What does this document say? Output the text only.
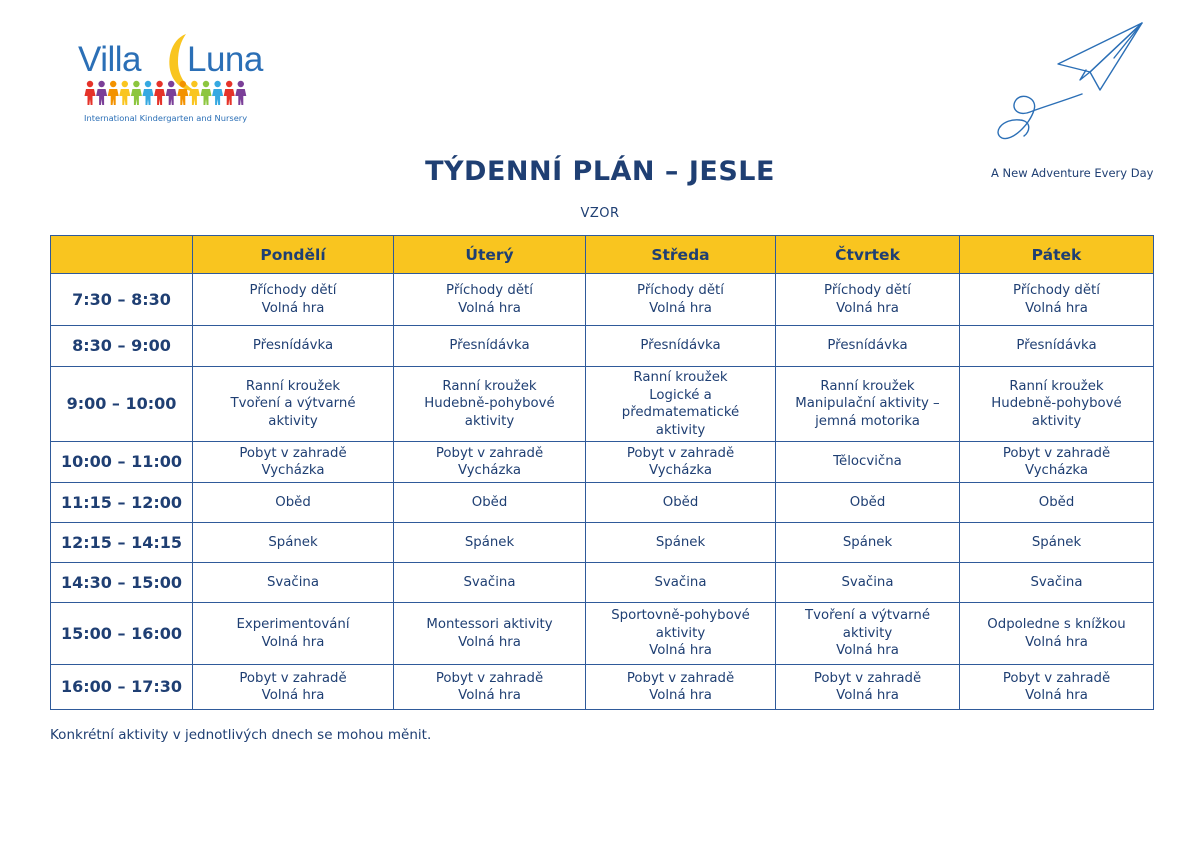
Villa Luna
International Kindergarten and Nursery
A New Adventure Every Day
TÝDENNÍ PLÁN – JESLE
VZOR
	Pondělí	Úterý	Středa	Čtvrtek	Pátek
7:30 – 8:30	Příchody dětí
Volná hra	Příchody dětí
Volná hra	Příchody dětí
Volná hra	Příchody dětí
Volná hra	Příchody dětí
Volná hra

8:30 – 9:00	Přesnídávka	Přesnídávka	Přesnídávka	Přesnídávka	Přesnídávka

9:00 – 10:00	Ranní kroužek
Tvoření a výtvarné
aktivity	Ranní kroužek
Hudebně-pohybové
aktivity	Ranní kroužek
Logické a
předmatematické
aktivity	Ranní kroužek
Manipulační aktivity –
jemná motorika	Ranní kroužek
Hudebně-pohybové
aktivity

10:00 – 11:00	Pobyt v zahradě
Vycházka	Pobyt v zahradě
Vycházka	Pobyt v zahradě
Vycházka	Tělocvična	Pobyt v zahradě
Vycházka

11:15 – 12:00	Oběd	Oběd	Oběd	Oběd	Oběd

12:15 – 14:15	Spánek	Spánek	Spánek	Spánek	Spánek

14:30 – 15:00	Svačina	Svačina	Svačina	Svačina	Svačina

15:00 – 16:00	Experimentování
Volná hra	Montessori aktivity
Volná hra	Sportovně-pohybové
aktivity
Volná hra	Tvoření a výtvarné
aktivity
Volná hra	Odpoledne s knížkou
Volná hra

16:00 – 17:30	Pobyt v zahradě
Volná hra	Pobyt v zahradě
Volná hra	Pobyt v zahradě
Volná hra	Pobyt v zahradě
Volná hra	Pobyt v zahradě
Volná hra
Konkrétní aktivity v jednotlivých dnech se mohou měnit.
